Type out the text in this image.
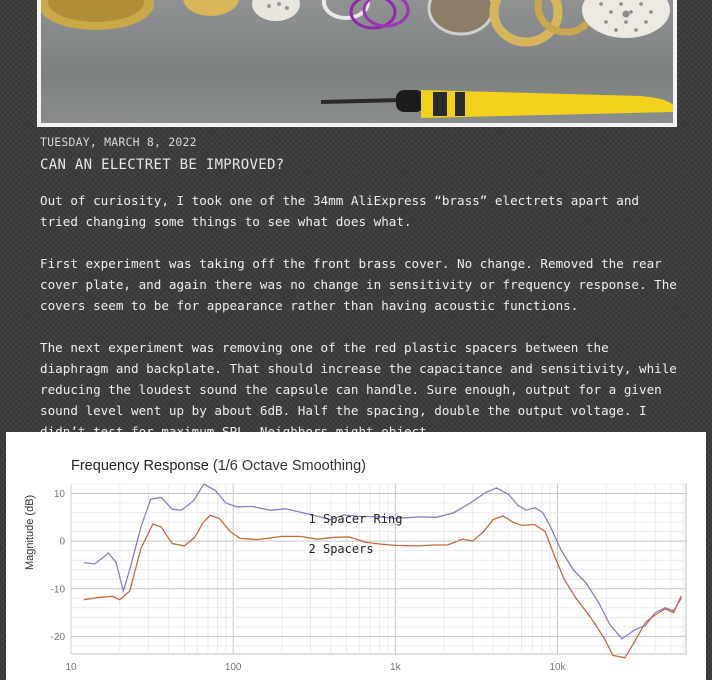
TUESDAY, MARCH 8, 2022
CAN AN ELECTRET BE IMPROVED?

Out of curiosity, I took one of the 34mm AliExpress “brass” electrets apart and tried changing some things to see what does what.

First experiment was taking off the front brass cover. No change. Removed the rear cover plate, and again there was no change in sensitivity or frequency response. The covers seem to be for appearance rather than having acoustic functions.

The next experiment was removing one of the red plastic spacers between the diaphragm and backplate. That should increase the capacitance and sensitivity, while reducing the loudest sound the capsule can handle. Sure enough, output for a given sound level went up by about 6dB. Half the spacing, double the output voltage. I

Frequency Response (1/6 Octave Smoothing)
Magnitude (dB)
10
0
-10
-20
10	100	1k	10k
1 Spacer Ring
2 Spacers
